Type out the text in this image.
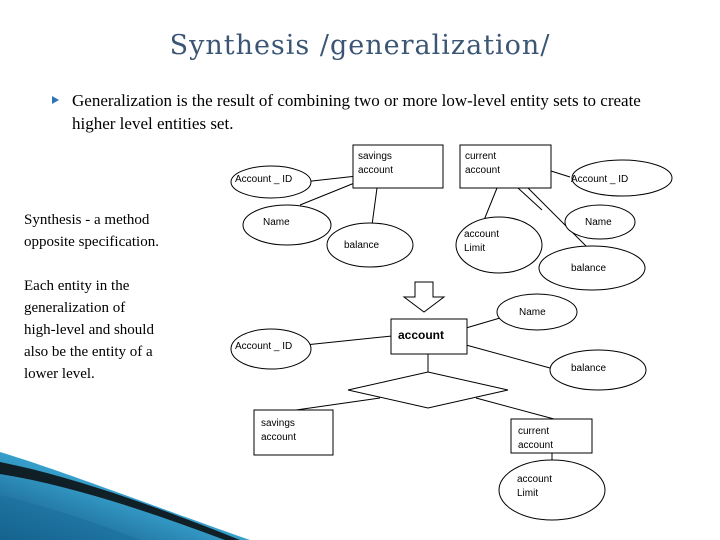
Synthesis /generalization/
Generalization is the result of combining two or more low-level entity sets to create higher level entities set.
Synthesis - a method
opposite specification.
Each entity in the
generalization of
high-level and should
also be the entity of a
lower level.
Account _ ID
Name
savings
account
balance
current
account
account
Limit
Account _ ID
Name
balance
Account _ ID
account
Name
balance
savings
account
current
account
account
Limit
